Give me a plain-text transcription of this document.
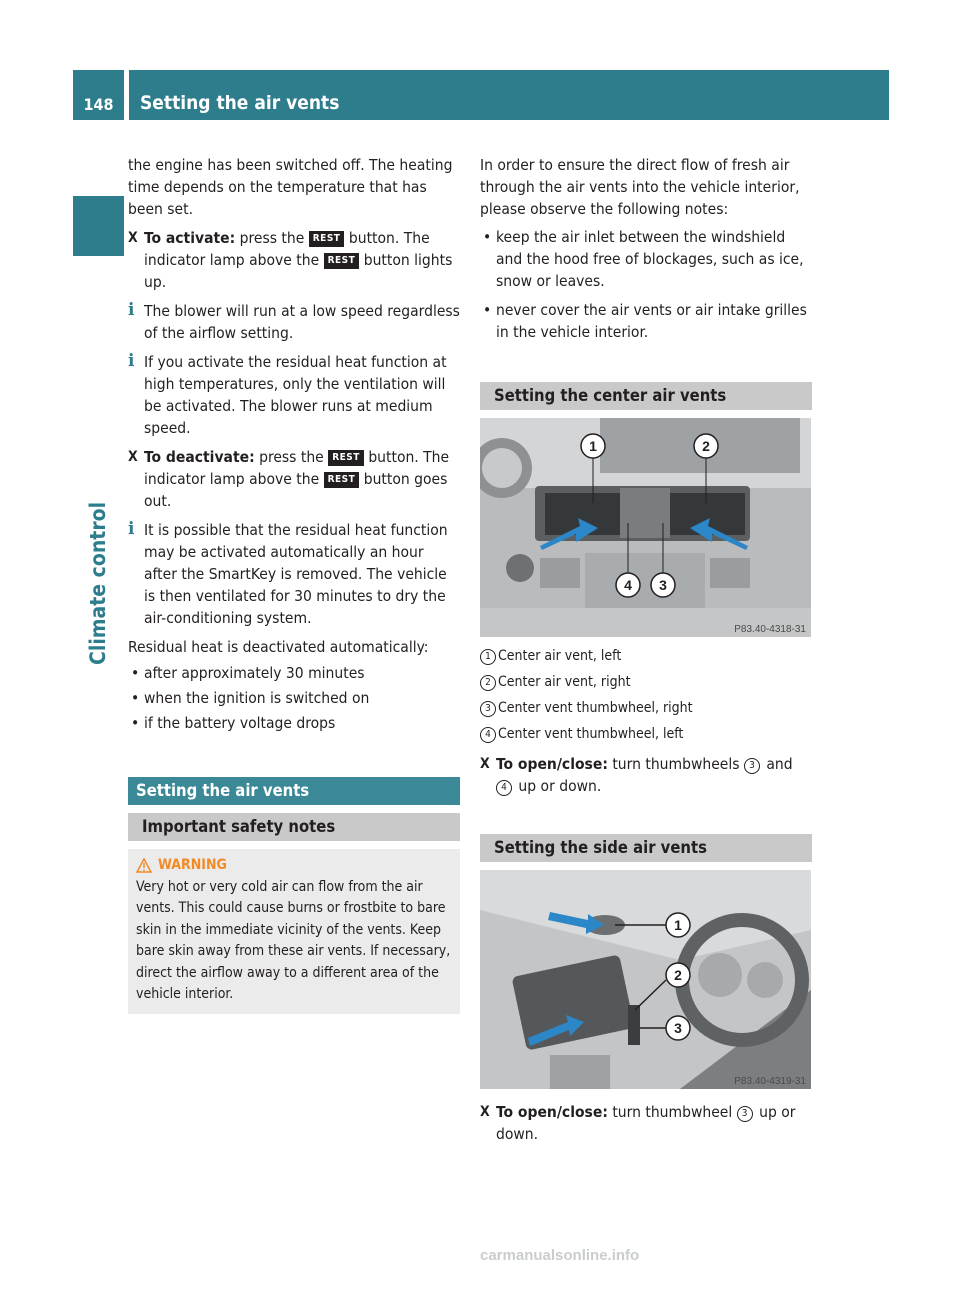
148	Setting the air vents
Climate control

the engine has been switched off. The heating time depends on the temperature that has been set.

X To activate: press the REST button. The indicator lamp above the REST button lights up.
i The blower will run at a low speed regardless of the airflow setting.
i If you activate the residual heat function at high temperatures, only the ventilation will be activated. The blower runs at medium speed.
X To deactivate: press the REST button. The indicator lamp above the REST button goes out.
i It is possible that the residual heat function may be activated automatically an hour after the SmartKey is removed. The vehicle is then ventilated for 30 minutes to dry the air-conditioning system.

Residual heat is deactivated automatically:

• after approximately 30 minutes
• when the ignition is switched on
• if the battery voltage drops
Setting the air vents
Important safety notes
WARNING
Very hot or very cold air can flow from the air vents. This could cause burns or frostbite to bare skin in the immediate vicinity of the vents. Keep bare skin away from these air vents. If necessary, direct the airflow away to a different area of the vehicle interior.

In order to ensure the direct flow of fresh air through the air vents into the vehicle interior, please observe the following notes:

• keep the air inlet between the windshield and the hood free of blockages, such as ice, snow or leaves.
• never cover the air vents or air intake grilles in the vehicle interior.
Setting the center air vents
1	2
3
4
P83.40-4318-31
1 Center air vent, left
2 Center air vent, right
3 Center vent thumbwheel, right
4 Center vent thumbwheel, left
X To open/close: turn thumbwheels 3 and 4 up or down.
Setting the side air vents
1
2
3
P83.40-4319-31
X To open/close: turn thumbwheel 3 up or down.
carmanualsonline.info
